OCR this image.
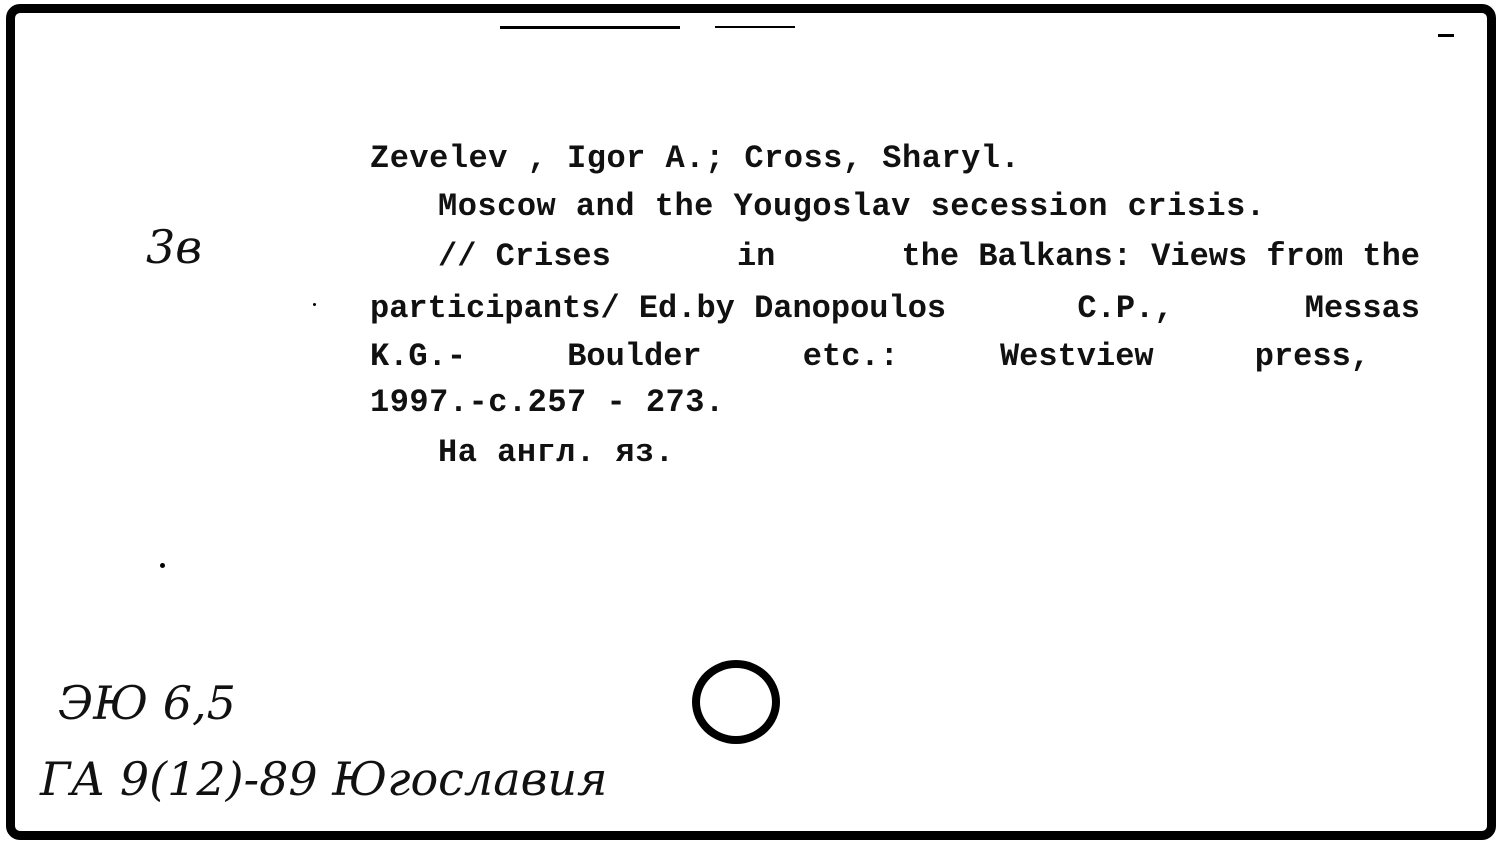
3в
Zevelev , Igor A.; Cross, Sharyl.
Moscow and the Yougoslav secession crisis.
// Crises	in	the Balkans: Views from the
participants/ Ed.by Danopoulos	C.P.,	Messas
K.G.-	Boulder	etc.:	Westview	press,
1997.-c.257 - 273.
На англ. яз.
ЭЮ 6,5
ГА 9(12)-89 Югославия
